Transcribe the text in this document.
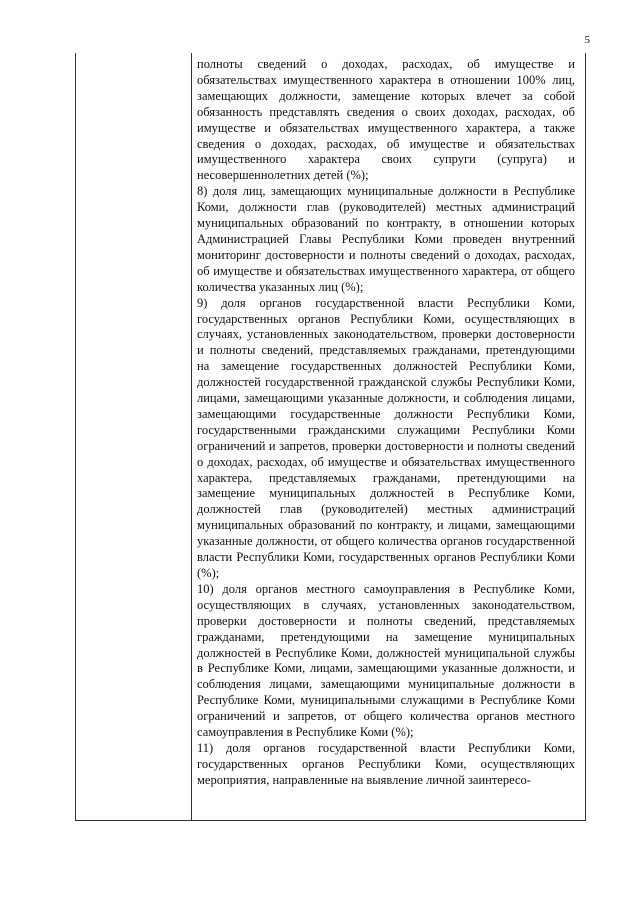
5

полноты сведений о доходах, расходах, об имуществе и обязательствах имущественного характера в отношении 100% лиц, замещающих должности, замещение которых влечет за собой обязанность представлять сведения о своих доходах, расходах, об имуществе и обязательствах имущественного характера, а также сведения о доходах, расходах, об имуществе и обязательствах имущественного характера своих супруги (супруга) и несовершеннолетних детей (%);

8) доля лиц, замещающих муниципальные должности в Республике Коми, должности глав (руководителей) местных администраций муниципальных образований по контракту, в отношении которых Администрацией Главы Республики Коми проведен внутренний мониторинг достоверности и полноты сведений о доходах, расходах, об имуществе и обязательствах имущественного характера, от общего количества указанных лиц (%);

9) доля органов государственной власти Республики Коми, государственных органов Республики Коми, осуществляющих в случаях, установленных законодательством, проверки достоверности и полноты сведений, представляемых гражданами, претендующими на замещение государственных должностей Республики Коми, должностей государственной гражданской службы Республики Коми, лицами, замещающими указанные должности, и соблюдения лицами, замещающими государственные должности Республики Коми, государственными гражданскими служащими Республики Коми ограничений и запретов, проверки достоверности и полноты сведений о доходах, расходах, об имуществе и обязательствах имущественного характера, представляемых гражданами, претендующими на замещение муниципальных должностей в Республике Коми, должностей глав (руководителей) местных администраций муниципальных образований по контракту, и лицами, замещающими указанные должности, от общего количества органов государственной власти Республики Коми, государственных органов Республики Коми (%);

10) доля органов местного самоуправления в Республике Коми, осуществляющих в случаях, установленных законодательством, проверки достоверности и полноты сведений, представляемых гражданами, претендующими на замещение муниципальных должностей в Республике Коми, должностей муниципальной службы в Республике Коми, лицами, замещающими указанные должности, и соблюдения лицами, замещающими муниципальные должности в Республике Коми, муниципальными служащими в Республике Коми ограничений и запретов, от общего количества органов местного самоуправления в Республике Коми (%);

11) доля органов государственной власти Республики Коми, государственных органов Республики Коми, осуществляющих мероприятия, направленные на выявление личной заинтересо-
